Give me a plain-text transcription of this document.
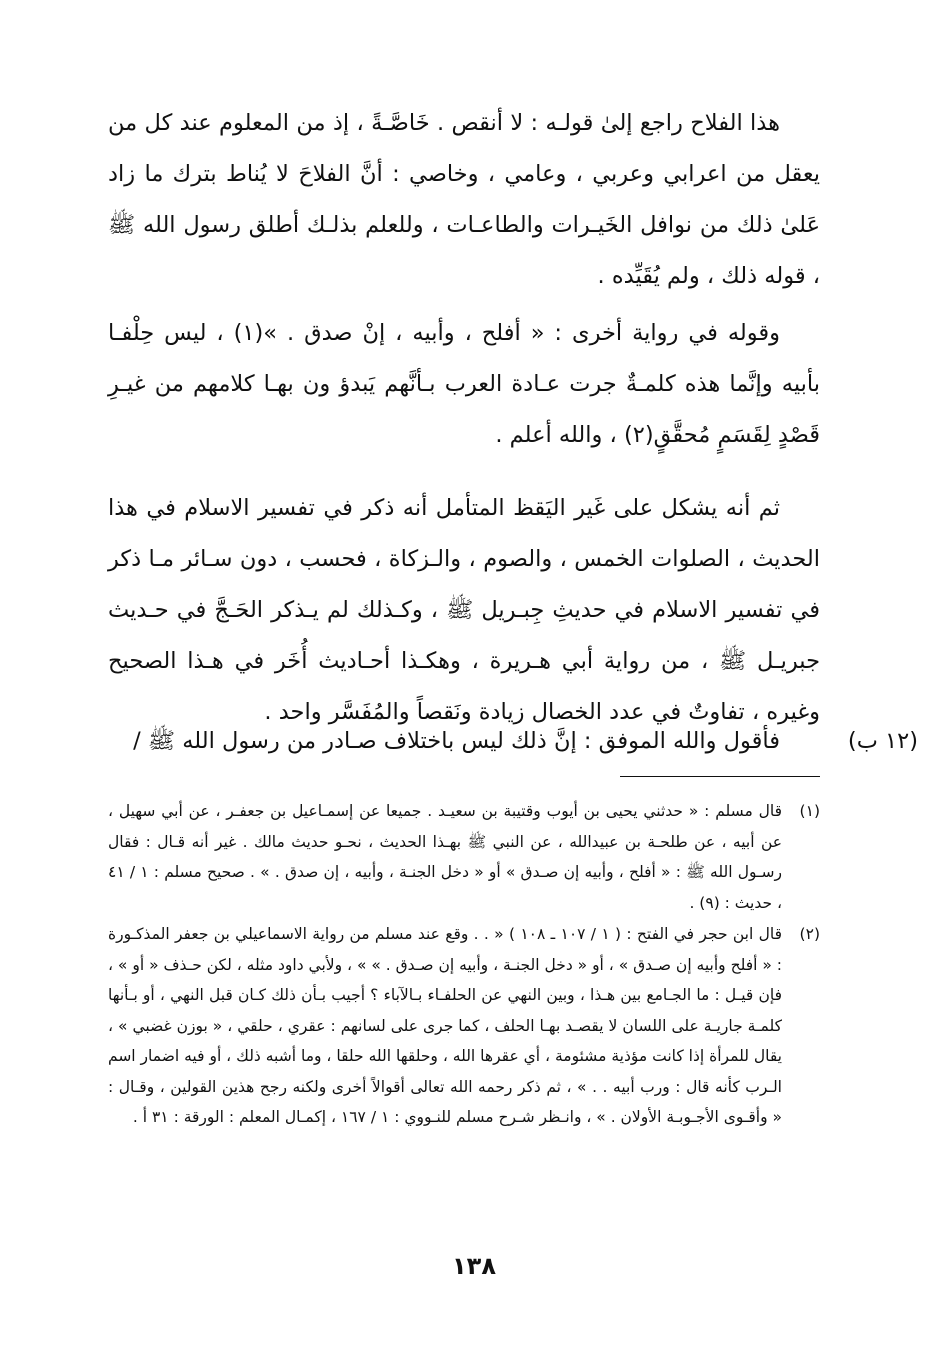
هذا الفلاح راجع إلىٰ قولـه : لا أنقص . خَاصَّـةً ، إذ من المعلوم عند كل من يعقل من اعرابي وعربي ، وعامي ، وخاصي : أنَّ الفلاحَ لا يُناط بترك ما زاد عَلىٰ ذلك من نوافل الخَيـرات والطاعـات ، وللعلم بذلـك أطلق رسول الله ﷺ ، قوله ذلك ، ولم يُقَيِّده .

وقوله في رواية أخرى : « أفلح ، وأبيه ، إنْ صدق . »(١) ، ليس حِلْفـا بأبيه وإنَّما هذه كلمـةٌ جرت عـادة العرب بـأنَّهم يَبدؤ ون بهـا كلامهم من غيـرِ قَصْدٍ لِقَسَمٍ مُحقَّقٍ(٢) ، والله أعلم .

ثم أنه يشكل على غَير اليَقظ المتأمل أنه ذكر في تفسير الاسلام في هذا الحديث ، الصلوات الخمس ، والصوم ، والـزكاة ، فحسب ، دون سـائر مـا ذكر في تفسير الاسلام في حديثِ جِبـريل ﷺ ، وكـذلك لم يـذكر الحَـجَّ في حـديث جبريـل ﷺ ، من رواية أبي هـريرة ، وهكـذا أحـاديث أُخَر في هـذا الصحيح وغيره ، تفاوتٌ في عدد الخصال زيادة ونَقصاً والمُفَسَّر واحد .

فأقول والله الموفق : إنَّ ذلك ليس باختلاف صـادر من رسول الله ﷺ /	(١٢ ب)

(١)
قال مسلم : « حدثني يحيى بن أيوب وقتيبة بن سعيـد . جميعا عن إسمـاعيل بن جعفـر ، عن أبي سهيل ، عن أبيه ، عن طلحـة بن عبيدالله ، عن النبي ﷺ بهـذا الحديث ، نحـو حديث مالك . غير أنه قـال : فقال رسـول الله ﷺ : « أفلح ، وأبيه إن صـدق » أو « دخل الجنـة ، وأبيه ، إن صدق . » . صحيح مسلم : ١ / ٤١ ، حديث : (٩) .

(٢)
قال ابن حجر في الفتح : ( ١ / ١٠٧ ـ ١٠٨ ) « . . وقع عند مسلم من رواية الاسماعيلي بن جعفر المذكـورة : « أفلح وأبيه إن صـدق » ، أو « دخل الجنـة ، وأبيه إن صـدق . » » ، ولأبي داود مثله ، لكن حـذف « أو » ، فإن قيـل : ما الجـامع بين هـذا ، وبين النهي عن الحلفـاء بـالآباء ؟ أجيب بـأن ذلك كـان قبل النهي ، أو بـأنها كلمـة جاريـة على اللسان لا يقصـد بهـا الحلف ، كما جرى على لسانهم : عقري ، حلقي ، « بوزن غضبي » ، يقال للمرأة إذا كانت مؤذية مشئومة ، أي عقرها الله ، وحلقها الله حلقا ، وما أشبه ذلك ، أو فيه اضمار اسم الـرب كأنه قال : ورب أبيه . . » ، ثم ذكر رحمه الله تعالى أقوالاً أخرى ولكنه رجح هذين القولين ، وقـال : « وأقـوى الأجـوبـة الأولان . » ، وانـظر شـرح مسلم للنـووي : ١ / ١٦٧ ، إكمـال المعلم : الورقة : ٣١ أ .

١٣٨
